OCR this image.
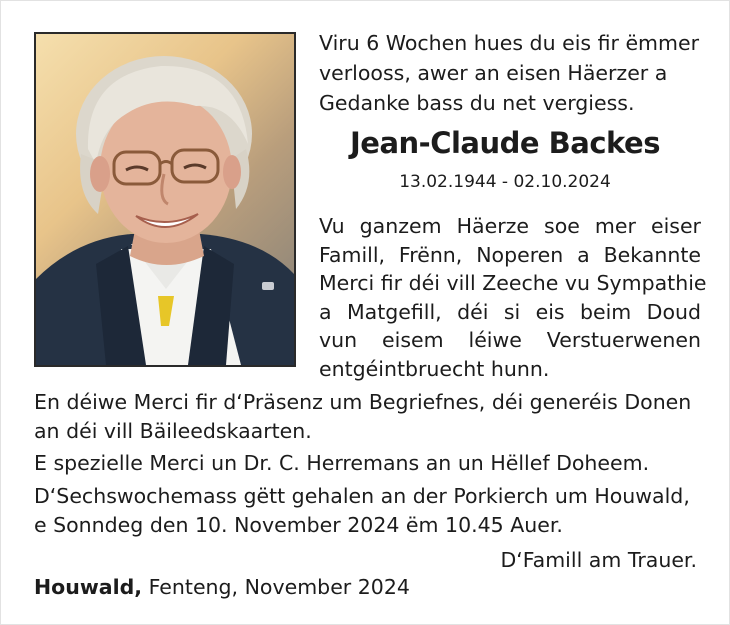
Viru 6 Wochen hues du eis fir ëmmer
verlooss, awer an eisen Häerzer a
Gedanke bass du net vergiess.
Jean-Claude Backes
13.02.1944 - 02.10.2024
Vu ganzem Häerze soe mer eiser
Famill, Frënn, Noperen a Bekannte
Merci fir déi vill Zeeche vu Sympathie
a Matgefill, déi si eis beim Doud
vun eisem léiwe Verstuerwenen
entgéintbruecht hunn.
En déiwe Merci fir d‘Präsenz um Begriefnes, déi generéis Donen
an déi vill Bäileedskaarten.
E spezielle Merci un Dr. C. Herremans an un Hëllef Doheem.
D‘Sechswochemass gëtt gehalen an der Porkierch um Houwald,
e Sonndeg den 10. November 2024 ëm 10.45 Auer.
D‘Famill am Trauer.
Houwald, Fenteng, November 2024
